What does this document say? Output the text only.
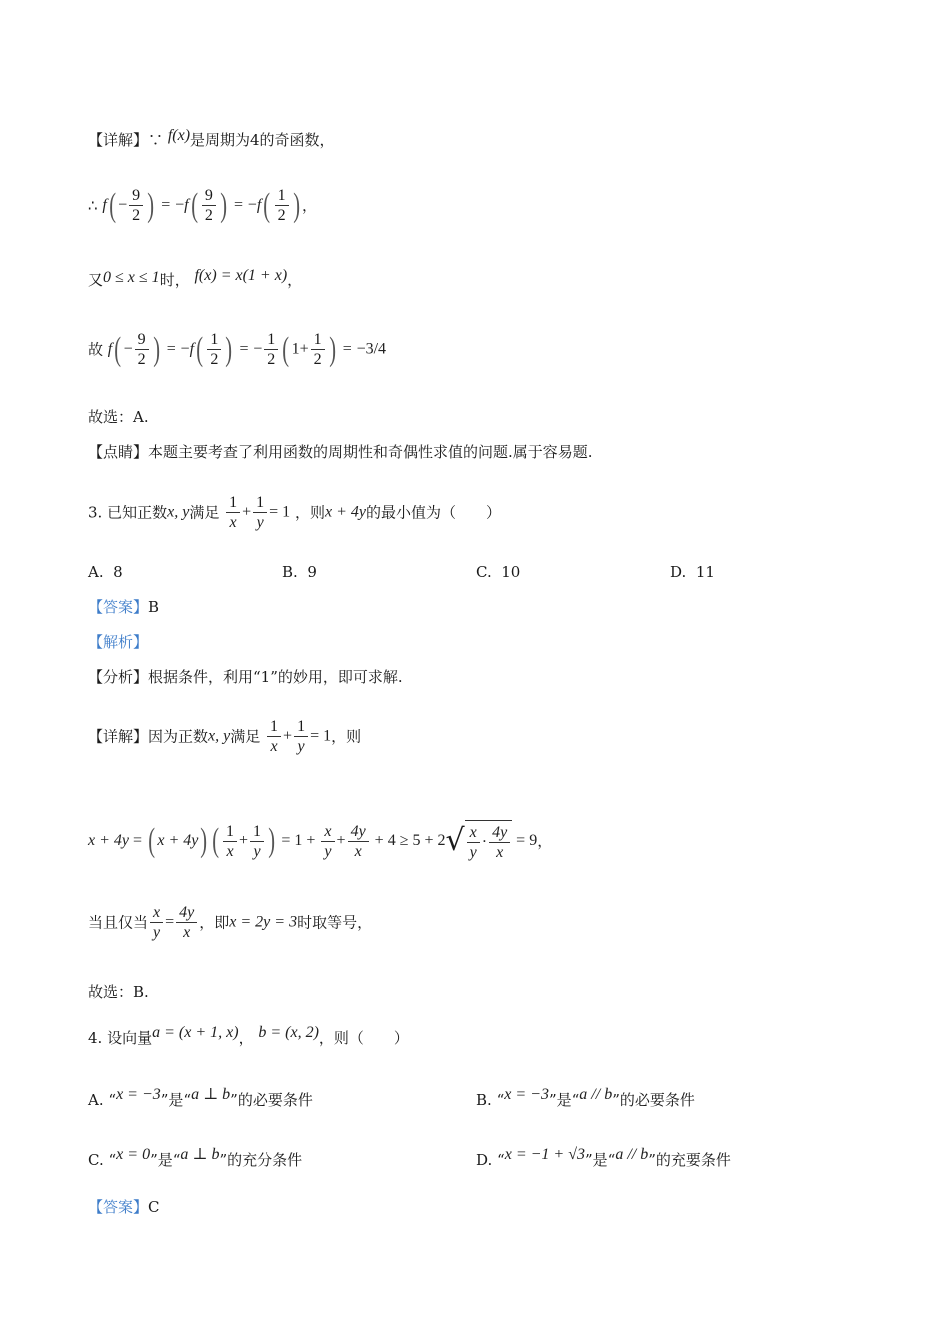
【详解】∵ f(x)是周期为4的奇函数，
∴ $f( - \frac{9}{2}$ ) = $-f( \frac{9}{2}$ ) = $-f( \frac{1}{2}$ ) ，
又0 ≤ x ≤ 1时， f(x) = x(1 + x)，
故 $f( - \frac{9}{2}$ ) = $-f( \frac{1}{2}$ ) = − $\frac{1}{2}$ ( $1+ \frac{1}{2}$ ) = −3/4
故选：A.
【点睛】本题主要考查了利用函数的周期性和奇偶性求值的问题.属于容易题.
3. 已知正数x, y满足 $\frac{1}{x} + \frac{1}{y} = 1$ ，则x + 4y的最小值为（　　）
A. 8	B. 9	C. 10	D. 11
【答案】B
【解析】
【分析】根据条件，利用“1”的妙用，即可求解.
【详解】因为正数x, y满足 $\frac{1}{x} + \frac{1}{y} = 1$，则
x + 4y = ( x + 4y) ( $\frac{1}{x} + \frac{1}{y}$ ) = $1 + \frac{x}{y} + \frac{4y}{x} + 4 \ge 5 + 2√ \frac{x}{y} \cdot \frac{4y}{x} = 9$，
当且仅当 $\frac{x}{y} = \frac{4y}{x}$ ，即x = 2y = 3时取等号，
故选：B.
4. 设向量a = (x + 1, x)， b = (x, 2)，则（　　）
A. “x = −3”是“a ⊥ b”的必要条件	B. “x = −3”是“a // b”的必要条件
C. “x = 0”是“a ⊥ b”的充分条件	D. “x = −1 + √3”是“a // b”的充要条件
【答案】C
